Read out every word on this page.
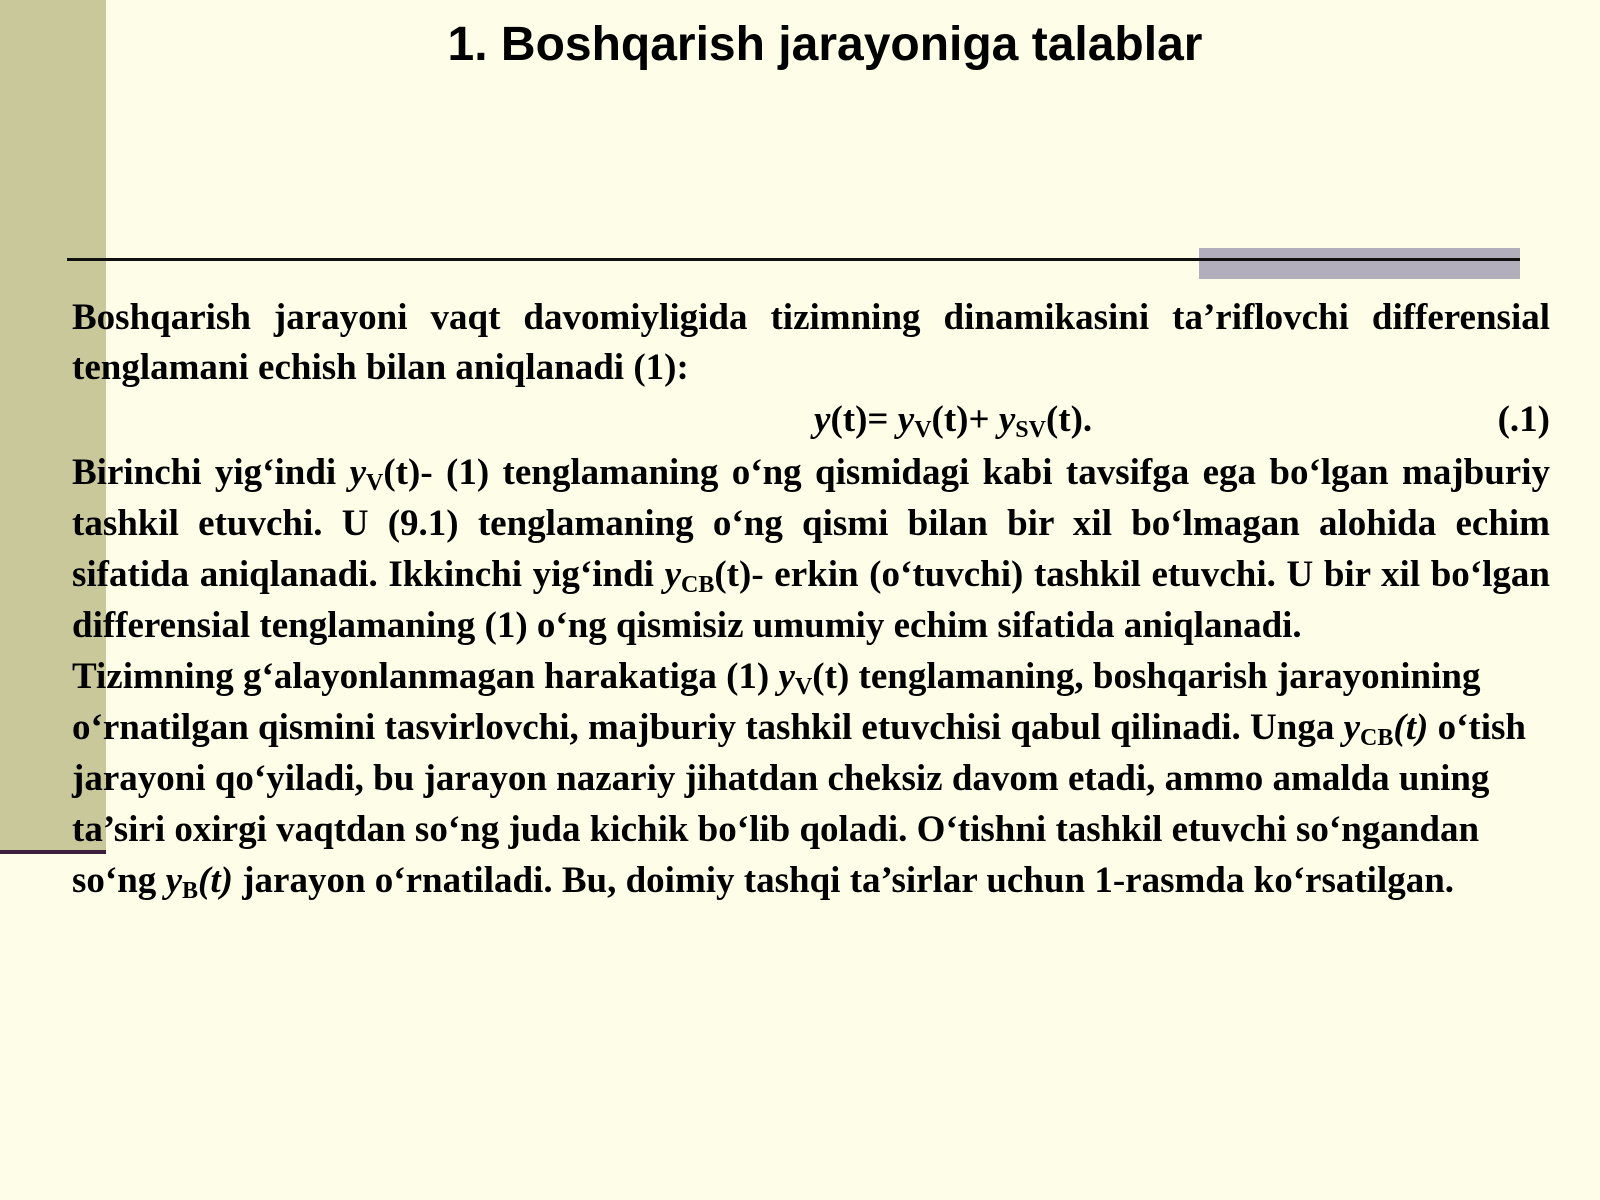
1. Boshqarish jarayoniga talablar

Boshqarish jarayoni vaqt davomiyligida tizimning dinamikasini ta’riflovchi differensial tenglamani echish bilan aniqlanadi (1):

$y(t)= y_V(t)+ y_{SV}(t)$.	(.1)

Birinchi yig‘indi $y_V(t)-$ (1) tenglamaning o‘ng qismidagi kabi tavsifga ega bo‘lgan majburiy tashkil etuvchi. U (9.1) tenglamaning o‘ng qismi bilan bir xil bo‘lmagan alohida echim sifatida aniqlanadi. Ikkinchi yig‘indi $y_{CB}(t)-$ erkin (o‘tuvchi) tashkil etuvchi. U bir xil bo‘lgan differensial tenglamaning (1) o‘ng qismisiz umumiy echim sifatida aniqlanadi.

Tizimning g‘alayonlanmagan harakatiga (1) $y_V(t)$ tenglamaning, boshqarish jarayonining o‘rnatilgan qismini tasvirlovchi, majburiy tashkil etuvchisi qabul qilinadi. Unga $y_{CB}(t)$ o‘tish jarayoni qo‘yiladi, bu jarayon nazariy jihatdan cheksiz davom etadi, ammo amalda uning ta’siri oxirgi vaqtdan so‘ng juda kichik bo‘lib qoladi. O‘tishni tashkil etuvchi so‘ngandan so‘ng $y_B(t)$ jarayon o‘rnatiladi. Bu, doimiy tashqi ta’sirlar uchun 1-rasmda ko‘rsatilgan.
